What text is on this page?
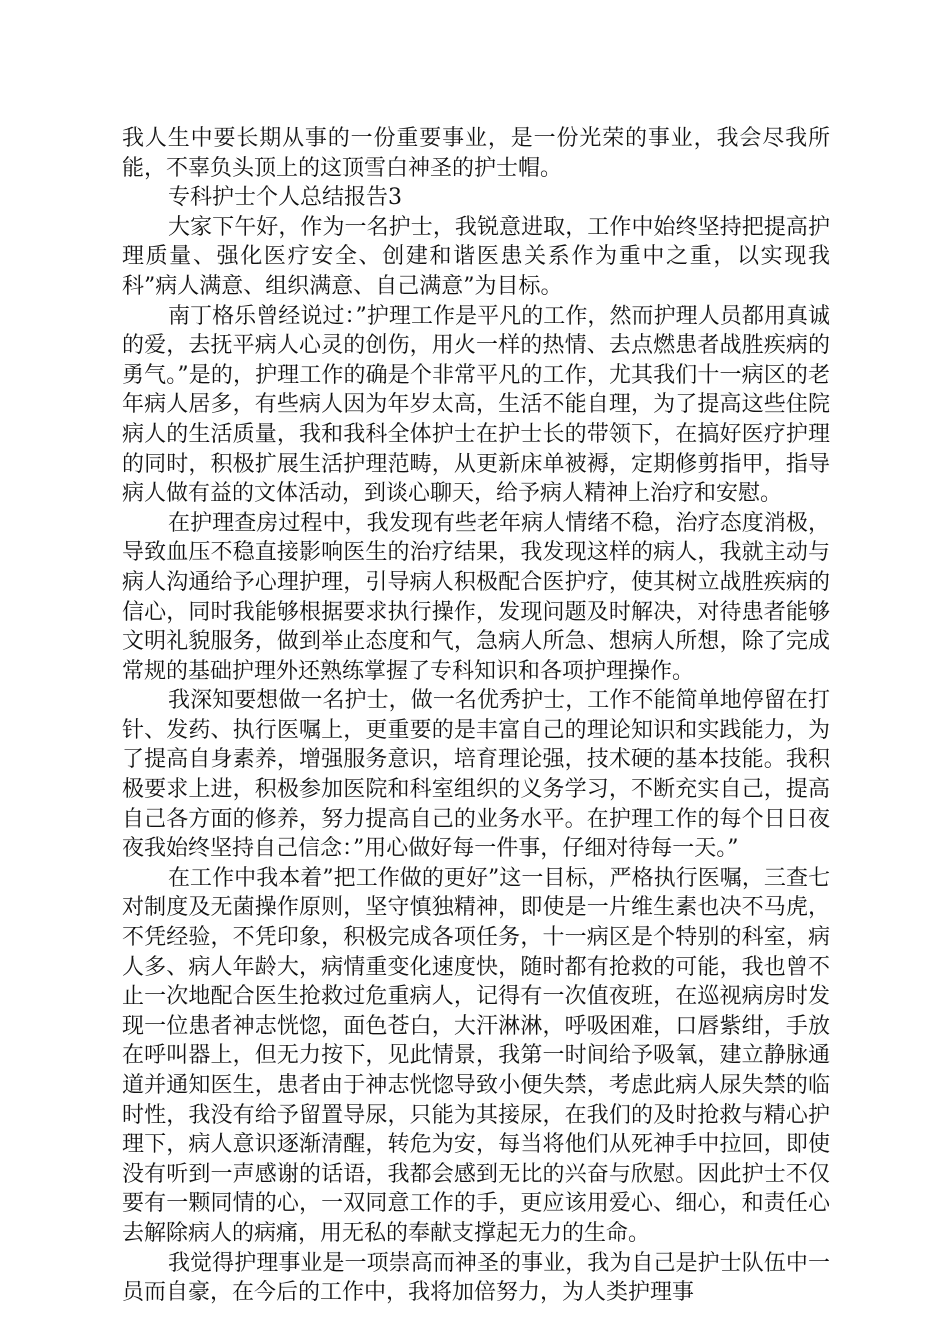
我人生中要长期从事的一份重要事业，是一份光荣的事业，我会尽我所能，不辜负头顶上的这顶雪白神圣的护士帽。

专科护士个人总结报告3

大家下午好，作为一名护士，我锐意进取，工作中始终坚持把提高护理质量、强化医疗安全、创建和谐医患关系作为重中之重，以实现我科”病人满意、组织满意、自己满意”为目标。

南丁格乐曾经说过：”护理工作是平凡的工作，然而护理人员都用真诚的爱，去抚平病人心灵的创伤，用火一样的热情、去点燃患者战胜疾病的勇气。”是的，护理工作的确是个非常平凡的工作，尤其我们十一病区的老年病人居多，有些病人因为年岁太高，生活不能自理，为了提高这些住院病人的生活质量，我和我科全体护士在护士长的带领下，在搞好医疗护理的同时，积极扩展生活护理范畴，从更新床单被褥，定期修剪指甲，指导病人做有益的文体活动，到谈心聊天，给予病人精神上治疗和安慰。

在护理查房过程中，我发现有些老年病人情绪不稳，治疗态度消极，导致血压不稳直接影响医生的治疗结果，我发现这样的病人，我就主动与病人沟通给予心理护理，引导病人积极配合医护疗，使其树立战胜疾病的信心，同时我能够根据要求执行操作，发现问题及时解决，对待患者能够文明礼貌服务，做到举止态度和气，急病人所急、想病人所想，除了完成常规的基础护理外还熟练掌握了专科知识和各项护理操作。

我深知要想做一名护士，做一名优秀护士，工作不能简单地停留在打针、发药、执行医嘱上，更重要的是丰富自己的理论知识和实践能力，为了提高自身素养，增强服务意识，培育理论强，技术硬的基本技能。我积极要求上进，积极参加医院和科室组织的义务学习，不断充实自己，提高自己各方面的修养，努力提高自己的业务水平。在护理工作的每个日日夜夜我始终坚持自己信念：”用心做好每一件事，仔细对待每一天。”

在工作中我本着”把工作做的更好”这一目标，严格执行医嘱，三查七对制度及无菌操作原则，坚守慎独精神，即使是一片维生素也决不马虎，不凭经验，不凭印象，积极完成各项任务，十一病区是个特别的科室，病人多、病人年龄大，病情重变化速度快，随时都有抢救的可能，我也曾不止一次地配合医生抢救过危重病人，记得有一次值夜班，在巡视病房时发现一位患者神志恍惚，面色苍白，大汗淋淋，呼吸困难，口唇紫绀，手放在呼叫器上，但无力按下，见此情景，我第一时间给予吸氧，建立静脉通道并通知医生，患者由于神志恍惚导致小便失禁，考虑此病人尿失禁的临时性，我没有给予留置导尿，只能为其接尿，在我们的及时抢救与精心护理下，病人意识逐渐清醒，转危为安，每当将他们从死神手中拉回，即使没有听到一声感谢的话语，我都会感到无比的兴奋与欣慰。因此护士不仅要有一颗同情的心，一双同意工作的手，更应该用爱心、细心，和责任心去解除病人的病痛，用无私的奉献支撑起无力的生命。

我觉得护理事业是一项崇高而神圣的事业，我为自己是护士队伍中一员而自豪，在今后的工作中，我将加倍努力，为人类护理事
